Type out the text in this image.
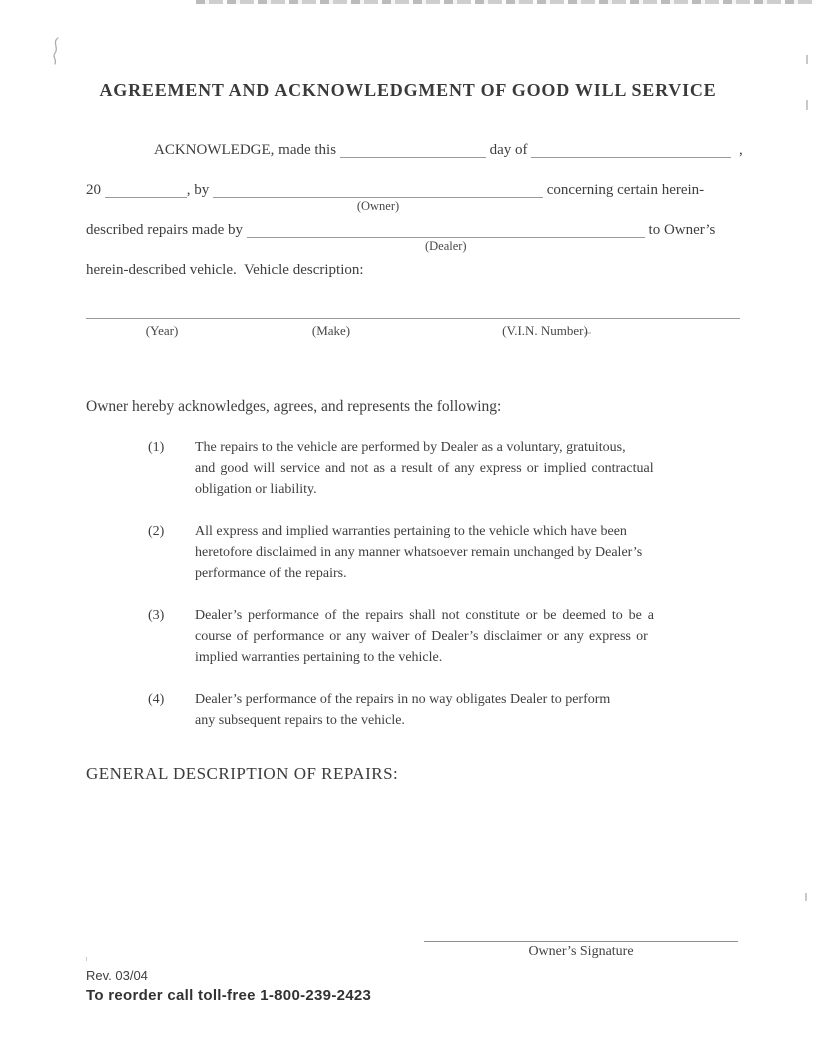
AGREEMENT AND ACKNOWLEDGMENT OF GOOD WILL SERVICE
ACKNOWLEDGE, made this	day of	,
20	, by
(Owner)
concerning certain herein-
described repairs made by
(Dealer)
to Owner’s
herein-described vehicle.  Vehicle description:
(Year)	(Make)	(V.I.N. Number)
Owner hereby acknowledges, agrees, and represents the following:
(1)	The repairs to the vehicle are performed by Dealer as a voluntary, gratuitous,
and good will service and not as a result of any express or implied contractual
obligation or liability.
(2)	All express and implied warranties pertaining to the vehicle which have been
heretofore disclaimed in any manner whatsoever remain unchanged by Dealer’s
performance of the repairs.
(3)	Dealer’s performance of the repairs shall not constitute or be deemed to be a
course of performance or any waiver of Dealer’s disclaimer or any express or
implied warranties pertaining to the vehicle.
(4)	Dealer’s performance of the repairs in no way obligates Dealer to perform
any subsequent repairs to the vehicle.
GENERAL DESCRIPTION OF REPAIRS:
Owner’s Signature
Rev. 03/04
To reorder call toll-free 1-800-239-2423
